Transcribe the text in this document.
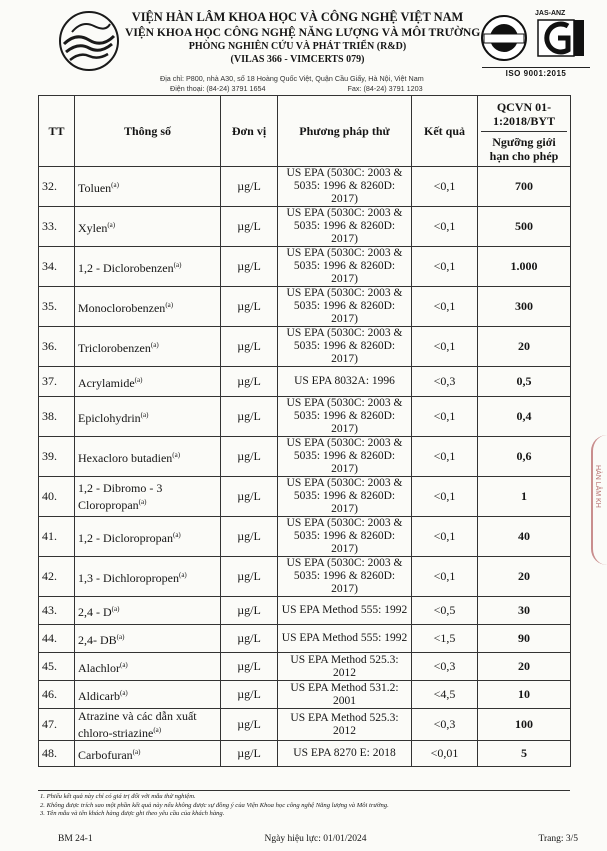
VIỆN HÀN LÂM KHOA HỌC VÀ CÔNG NGHỆ VIỆT NAM
VIỆN KHOA HỌC CÔNG NGHỆ NĂNG LƯỢNG VÀ MÔI TRƯỜNG
PHÒNG NGHIÊN CỨU VÀ PHÁT TRIỂN (R&D)
(VILAS 366 - VIMCERTS 079)
Địa chỉ: P800, nhà A30, số 18 Hoàng Quốc Việt, Quận Cầu Giấy, Hà Nội, Việt Nam
Điện thoại: (84-24) 3791 1654	Fax: (84-24) 3791 1203
JAS-ANZ
ISO 9001:2015
TT	Thông số	Đơn vị	Phương pháp thử	Kết quả	QCVN 01-1:2018/BYT
Ngưỡng giới hạn cho phép

32.	Toluen$^{(a)}$	µg/L	US EPA (5030C: 2003 & 5035: 1996 & 8260D: 2017)	<0,1	700
33.	Xylen$^{(a)}$	µg/L	US EPA (5030C: 2003 & 5035: 1996 & 8260D: 2017)	<0,1	500
34.	1,2 - Diclorobenzen$^{(a)}$	µg/L	US EPA (5030C: 2003 & 5035: 1996 & 8260D: 2017)	<0,1	1.000
35.	Monoclorobenzen$^{(a)}$	µg/L	US EPA (5030C: 2003 & 5035: 1996 & 8260D: 2017)	<0,1	300
36.	Triclorobenzen$^{(a)}$	µg/L	US EPA (5030C: 2003 & 5035: 1996 & 8260D: 2017)	<0,1	20
37.	Acrylamide$^{(a)}$	µg/L	US EPA 8032A: 1996	<0,3	0,5
38.	Epiclohydrin$^{(a)}$	µg/L	US EPA (5030C: 2003 & 5035: 1996 & 8260D: 2017)	<0,1	0,4
39.	Hexacloro butadien$^{(a)}$	µg/L	US EPA (5030C: 2003 & 5035: 1996 & 8260D: 2017)	<0,1	0,6
40.	1,2 - Dibromo - 3 Cloropropan$^{(a)}$	µg/L	US EPA (5030C: 2003 & 5035: 1996 & 8260D: 2017)	<0,1	1
41.	1,2 - Dicloropropan$^{(a)}$	µg/L	US EPA (5030C: 2003 & 5035: 1996 & 8260D: 2017)	<0,1	40
42.	1,3 - Dichloropropen$^{(a)}$	µg/L	US EPA (5030C: 2003 & 5035: 1996 & 8260D: 2017)	<0,1	20
43.	$2,4 - D^{(a)}$	µg/L	US EPA Method 555: 1992	<0,5	30
44.	2,4- DB$^{(a)}$	µg/L	US EPA Method 555: 1992	<1,5	90
45.	Alachlor$^{(a)}$	µg/L	US EPA Method 525.3: 2012	<0,3	20
46.	Aldicarb$^{(a)}$	µg/L	US EPA Method 531.2: 2001	<4,5	10
47.	Atrazine và các dẫn xuất chloro-striazine$^{(a)}$	µg/L	US EPA Method 525.3: 2012	<0,3	100
48.	Carbofuran$^{(a)}$	µg/L	US EPA 8270 E: 2018	<0,01	5
1. Phiếu kết quả này chỉ có giá trị đối với mẫu thử nghiệm.
2. Không được trích sao một phần kết quả này nếu không được sự đồng ý của Viện Khoa học công nghệ Năng lượng và Môi trường.
3. Tên mẫu và tên khách hàng được ghi theo yêu cầu của khách hàng.
BM 24-1	Ngày hiệu lực: 01/01/2024	Trang: 3/5
HÀN LÂM KH
